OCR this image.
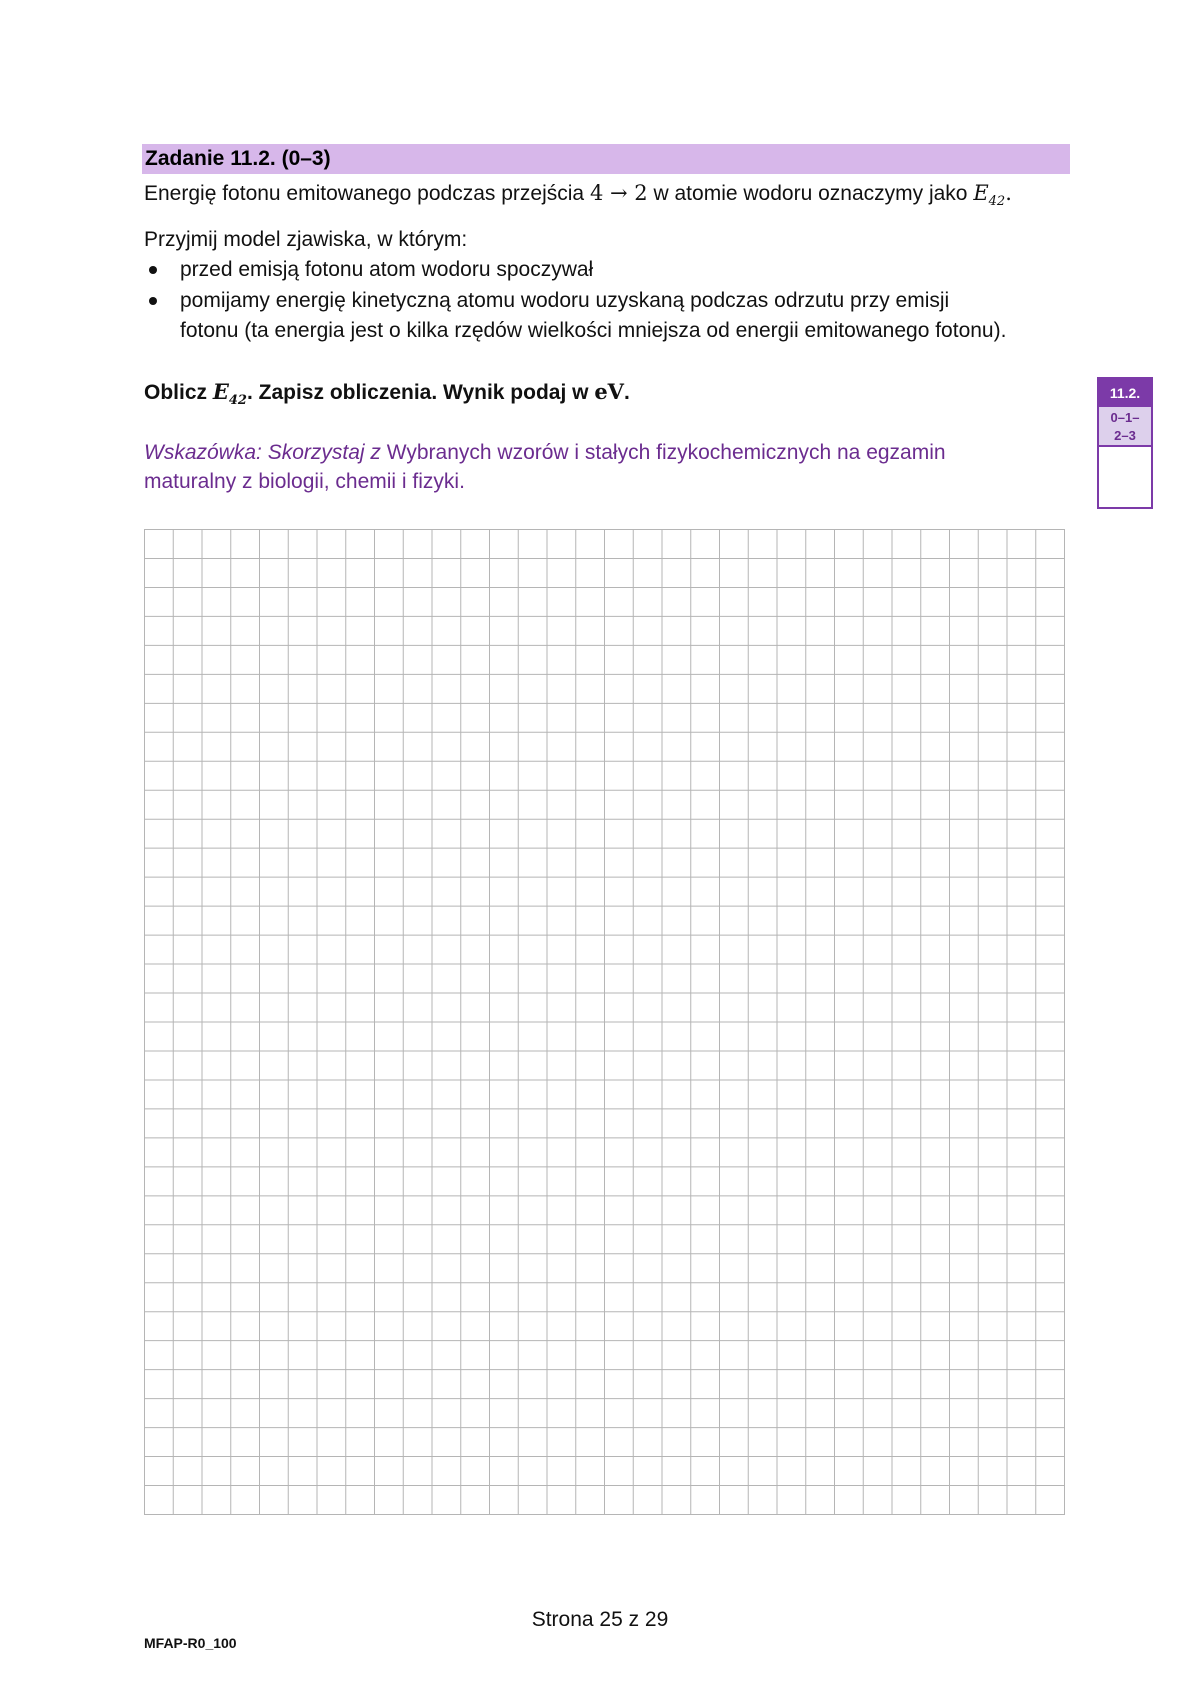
Zadanie 11.2. (0–3)
Energię fotonu emitowanego podczas przejścia 4 → 2 w atomie wodoru oznaczymy jako $E_{42}$.
Przyjmij model zjawiska, w którym:
przed emisją fotonu atom wodoru spoczywał
pomijamy energię kinetyczną atomu wodoru uzyskaną podczas odrzutu przy emisji
fotonu (ta energia jest o kilka rzędów wielkości mniejsza od energii emitowanego fotonu).
Oblicz $E_{42}$. Zapisz obliczenia. Wynik podaj w eV.
Wskazówka: Skorzystaj z Wybranych wzorów i stałych fizykochemicznych na egzamin
maturalny z biologii, chemii i fizyki.
11.2.
0–1–
2–3
Strona 25 z 29
MFAP-R0_100
